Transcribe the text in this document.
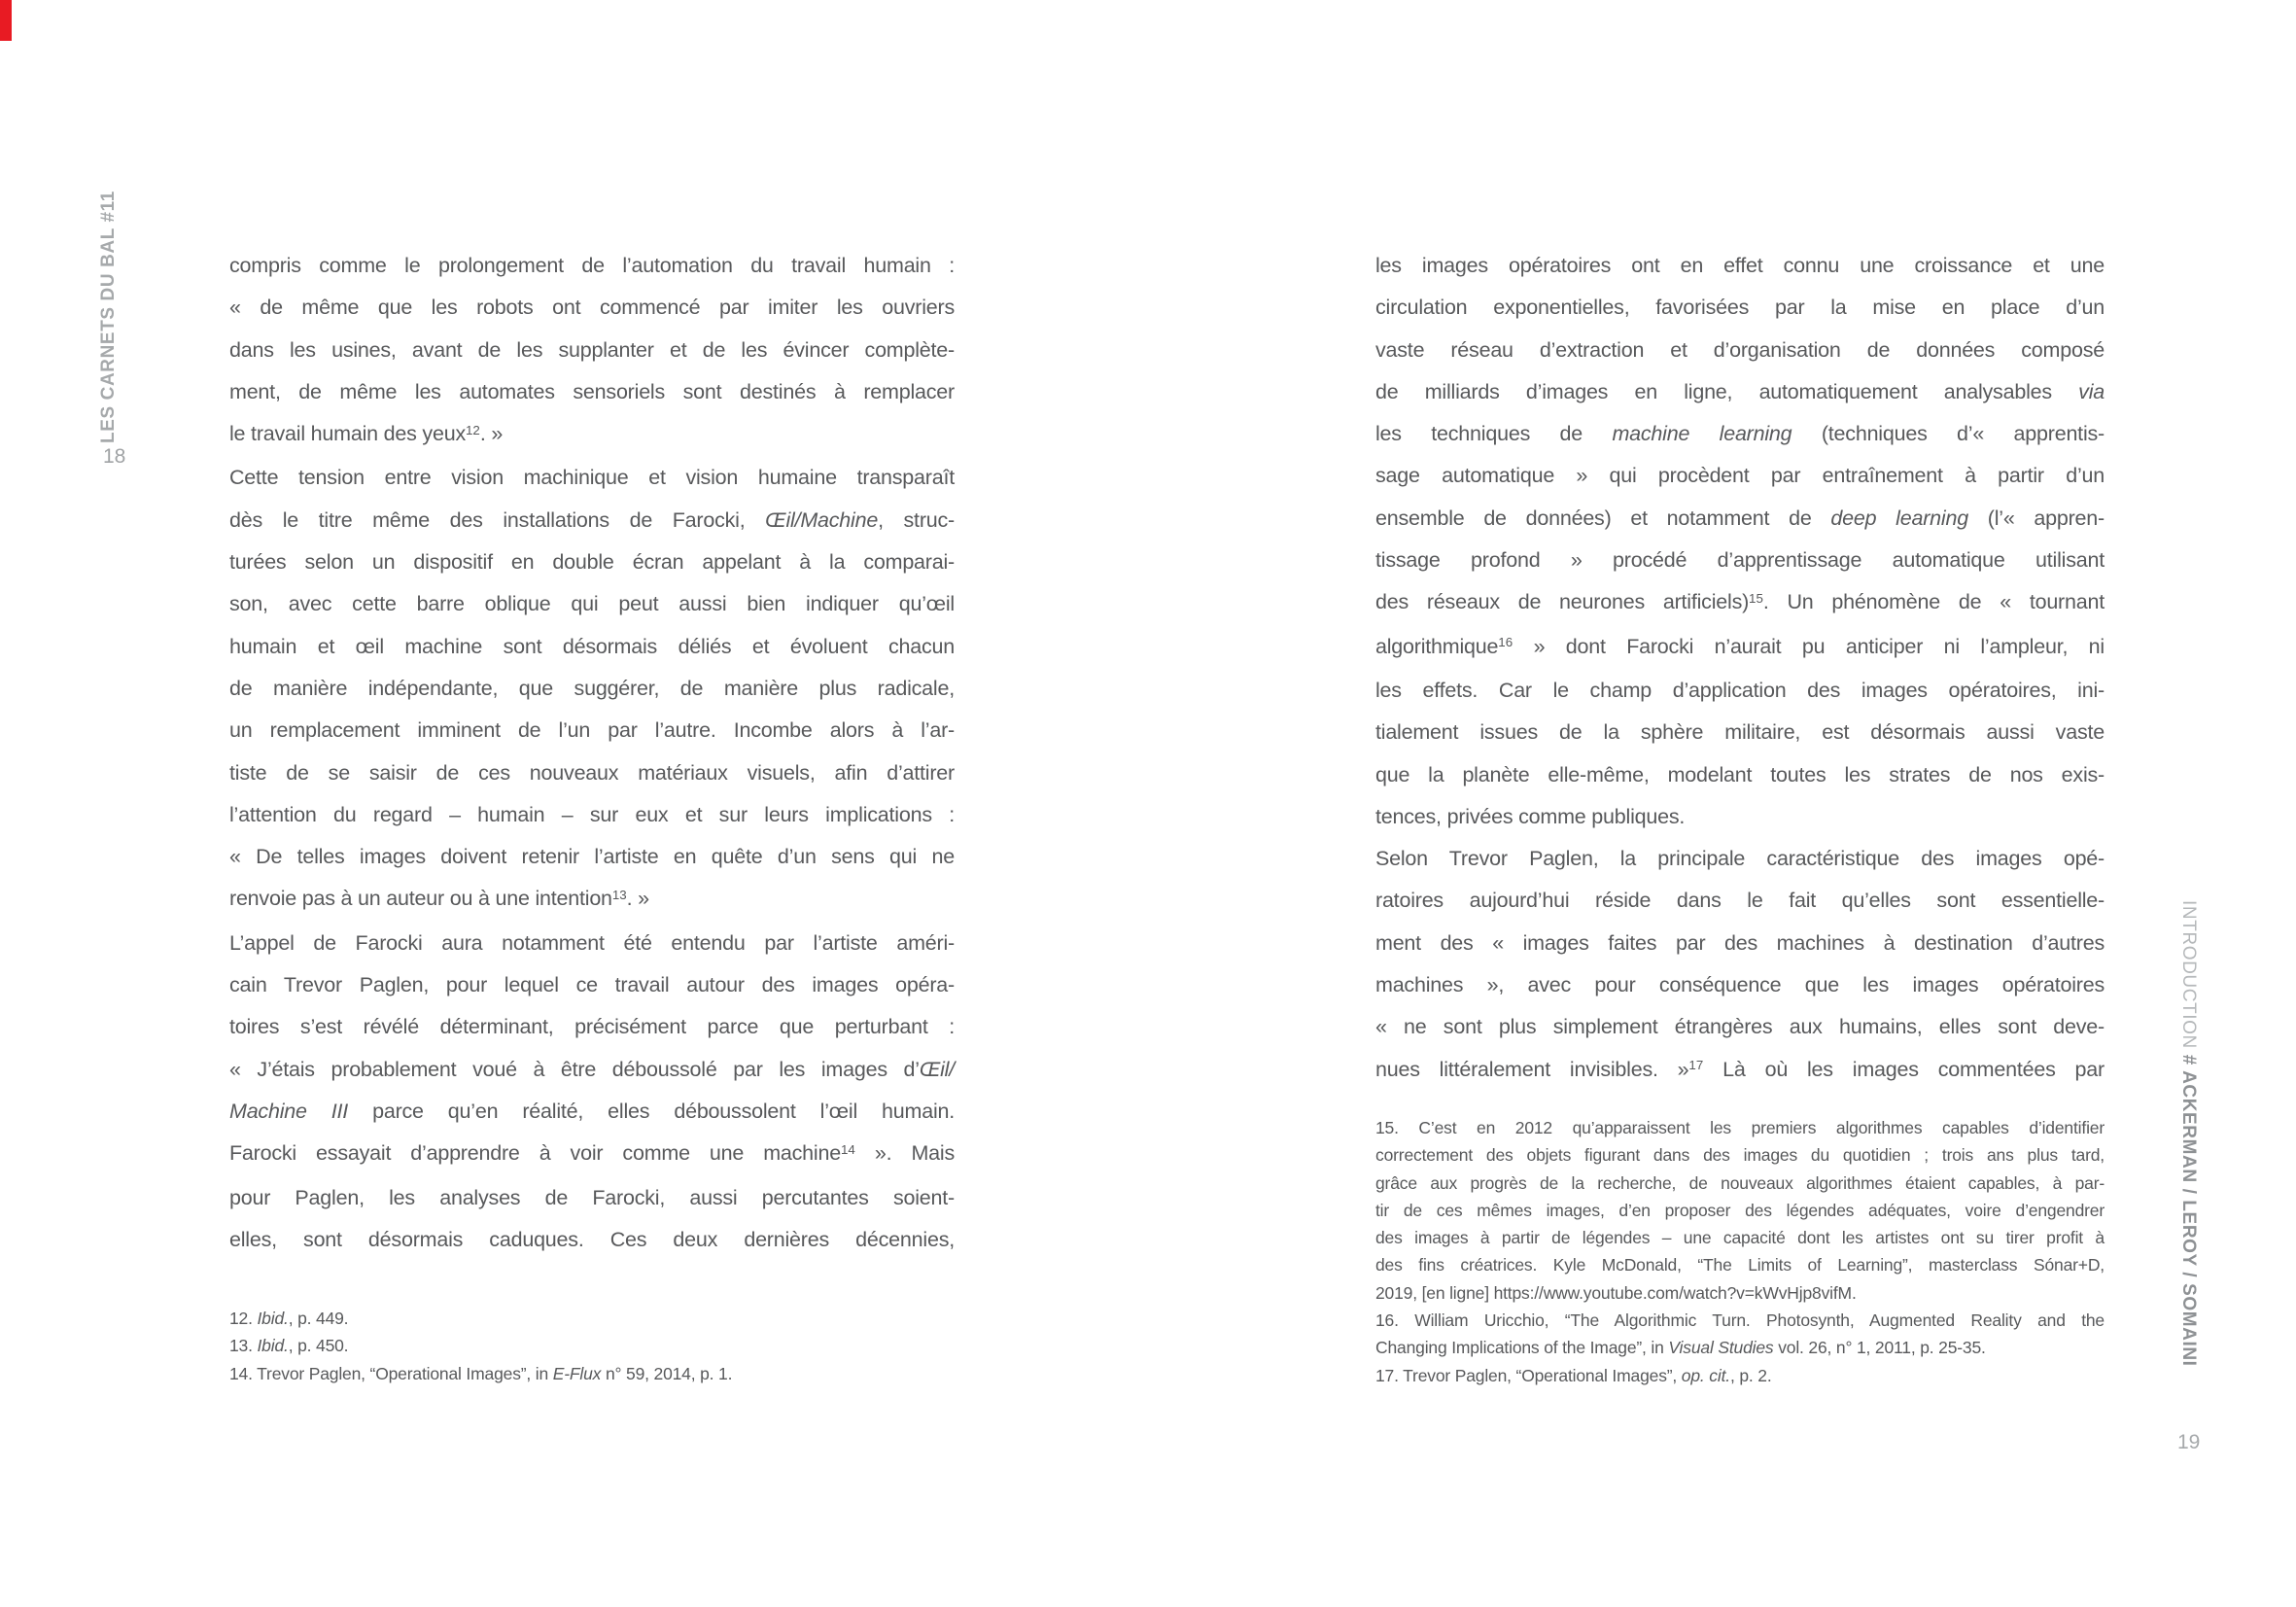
LES CARNETS DU BAL #11
18
compris comme le prolongement de l’automation du travail humain :
« de même que les robots ont commencé par imiter les ouvriers
dans les usines, avant de les supplanter et de les évincer complète-
ment, de même les automates sensoriels sont destinés à remplacer
le travail humain des yeux$^{12}$. »
Cette tension entre vision machinique et vision humaine transparaît
dès le titre même des installations de Farocki, Œil/Machine, struc-
turées selon un dispositif en double écran appelant à la comparai-
son, avec cette barre oblique qui peut aussi bien indiquer qu’œil
humain et œil machine sont désormais déliés et évoluent chacun
de manière indépendante, que suggérer, de manière plus radicale,
un remplacement imminent de l’un par l’autre. Incombe alors à l’ar-
tiste de se saisir de ces nouveaux matériaux visuels, afin d’attirer
l’attention du regard – humain – sur eux et sur leurs implications :
« De telles images doivent retenir l’artiste en quête d’un sens qui ne
renvoie pas à un auteur ou à une intention$^{13}$. »
L’appel de Farocki aura notamment été entendu par l’artiste améri-
cain Trevor Paglen, pour lequel ce travail autour des images opéra-
toires s’est révélé déterminant, précisément parce que perturbant :
« J’étais probablement voué à être déboussolé par les images d’Œil/
Machine III parce qu’en réalité, elles déboussolent l’œil humain.
Farocki essayait d’apprendre à voir comme une machine$^{14}$ ». Mais
pour Paglen, les analyses de Farocki, aussi percutantes soient-
elles, sont désormais caduques. Ces deux dernières décennies,
12. Ibid., p. 449.
13. Ibid., p. 450.
14. Trevor Paglen, “Operational Images”, in E-Flux n° 59, 2014, p. 1.
les images opératoires ont en effet connu une croissance et une
circulation exponentielles, favorisées par la mise en place d’un
vaste réseau d’extraction et d’organisation de données composé
de milliards d’images en ligne, automatiquement analysables via
les techniques de machine learning (techniques d’« apprentis-
sage automatique » qui procèdent par entraînement à partir d’un
ensemble de données) et notamment de deep learning (l’« appren-
tissage profond » procédé d’apprentissage automatique utilisant
des réseaux de neurones artificiels)$^{15}$. Un phénomène de « tournant
algorithmique$^{16}$ » dont Farocki n’aurait pu anticiper ni l’ampleur, ni
les effets. Car le champ d’application des images opératoires, ini-
tialement issues de la sphère militaire, est désormais aussi vaste
que la planète elle-même, modelant toutes les strates de nos exis-
tences, privées comme publiques.
Selon Trevor Paglen, la principale caractéristique des images opé-
ratoires aujourd’hui réside dans le fait qu’elles sont essentielle-
ment des « images faites par des machines à destination d’autres
machines », avec pour conséquence que les images opératoires
« ne sont plus simplement étrangères aux humains, elles sont deve-
nues littéralement invisibles. »$^{17}$ Là où les images commentées par
15. C’est en 2012 qu’apparaissent les premiers algorithmes capables d’identifier
correctement des objets figurant dans des images du quotidien ; trois ans plus tard,
grâce aux progrès de la recherche, de nouveaux algorithmes étaient capables, à par-
tir de ces mêmes images, d’en proposer des légendes adéquates, voire d’engendrer
des images à partir de légendes – une capacité dont les artistes ont su tirer profit à
des fins créatrices. Kyle McDonald, “The Limits of Learning”, masterclass Sónar+D,
2019, [en ligne] https://www.youtube.com/watch?v=kWvHjp8vifM.
16. William Uricchio, “The Algorithmic Turn. Photosynth, Augmented Reality and the
Changing Implications of the Image”, in Visual Studies vol. 26, n° 1, 2011, p. 25-35.
17. Trevor Paglen, “Operational Images”, op. cit., p. 2.
INTRODUCTION # ACKERMAN / LEROY / SOMAINI
19
